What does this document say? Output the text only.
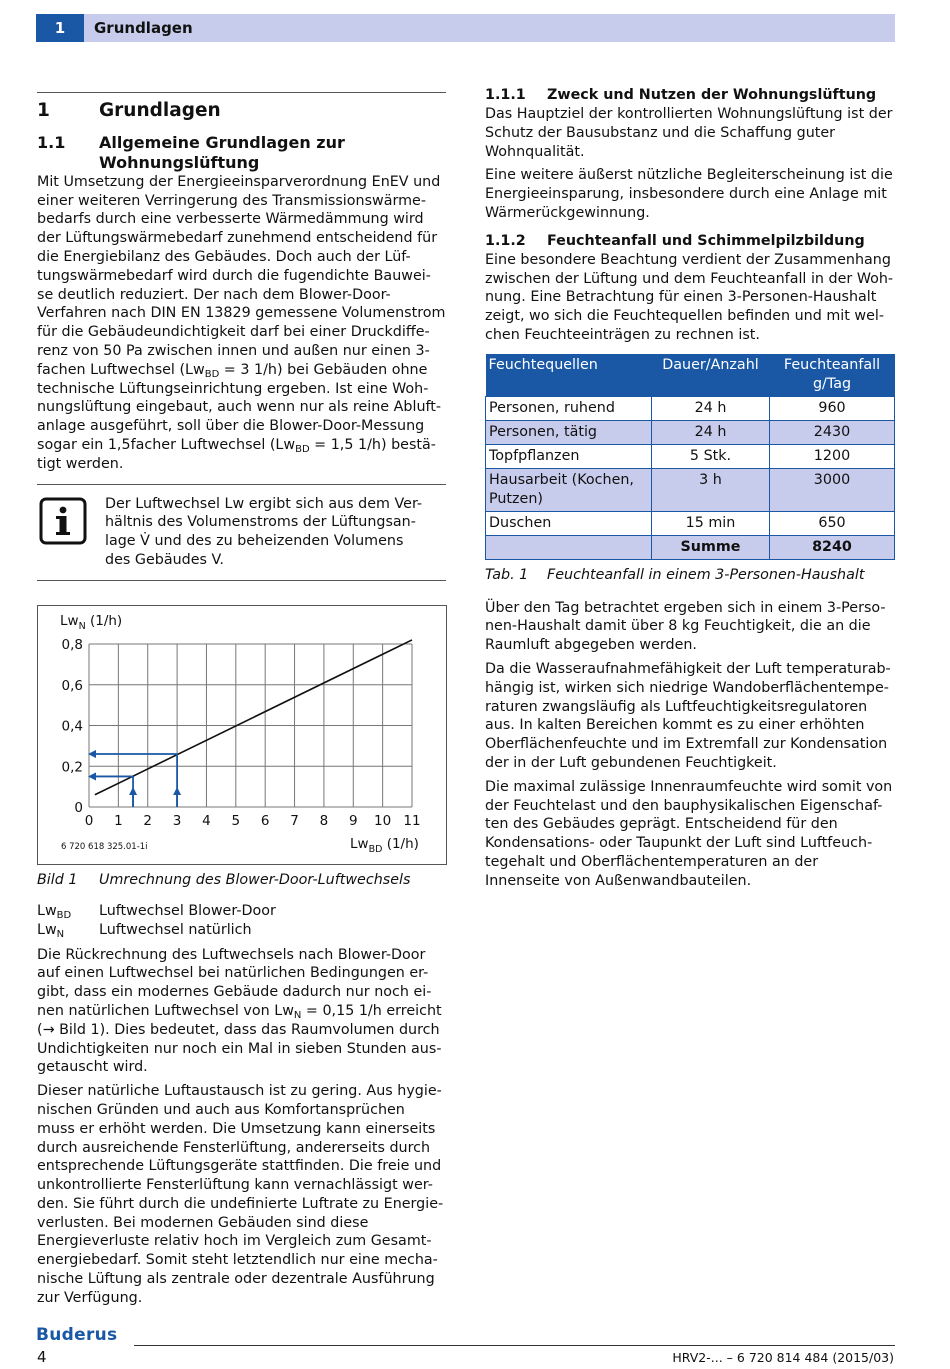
1	Grundlagen
1	Grundlagen
1.1	Allgemeine Grundlagen zur Wohnungslüftung

Mit Umsetzung der Energieeinsparverordnung EnEV und einer weiteren Verringerung des Transmissionswärme-bedarfs durch eine verbesserte Wärmedämmung wird der Lüftungswärmebedarf zunehmend entscheidend für die Energiebilanz des Gebäudes. Doch auch der Lüf-tungswärmebedarf wird durch die fugendichte Bauwei-se deutlich reduziert. Der nach dem Blower-Door-Verfahren nach DIN EN 13829 gemessene Volumenstrom für die Gebäudeundichtigkeit darf bei einer Druckdiffe-renz von 50 Pa zwischen innen und außen nur einen 3-fachen Luftwechsel ($Lw_{BD} = 3$ 1/h) bei Gebäuden ohne technische Lüftungseinrichtung ergeben. Ist eine Woh-nungslüftung eingebaut, auch wenn nur als reine Abluft-anlage ausgeführt, soll über die Blower-Door-Messung sogar ein 1,5facher Luftwechsel ($Lw_{BD} = 1,5$ 1/h) bestä-tigt werden.

Der Luftwechsel Lw ergibt sich aus dem Ver-hältnis des Volumenstroms der Lüftungsan-lage V̇ und des zu beheizenden Volumens des Gebäudes V.
0 1 2 3 4 5 6 7 8 9 10 11
0
0,2
0,4
0,6
0,8
$Lw_N$ (1/h)
$Lw_{BD}$ (1/h)
6 720 618 325.01-1i
Bild 1	Umrechnung des Blower-Door-Luftwechsels
$Lw_{BD}$	Luftwechsel Blower-Door
$Lw_N$	Luftwechsel natürlich

Die Rückrechnung des Luftwechsels nach Blower-Door auf einen Luftwechsel bei natürlichen Bedingungen er-gibt, dass ein modernes Gebäude dadurch nur noch ei-nen natürlichen Luftwechsel von $Lw_N = 0,15$ 1/h erreicht (→ Bild 1). Dies bedeutet, dass das Raumvolumen durch Undichtigkeiten nur noch ein Mal in sieben Stunden aus-getauscht wird.

Dieser natürliche Luftaustausch ist zu gering. Aus hygie-nischen Gründen und auch aus Komfortansprüchen muss er erhöht werden. Die Umsetzung kann einerseits durch ausreichende Fensterlüftung, andererseits durch entsprechende Lüftungsgeräte stattfinden. Die freie und unkontrollierte Fensterlüftung kann vernachlässigt wer-den. Sie führt durch die undefinierte Luftrate zu Energie-verlusten. Bei modernen Gebäuden sind diese Energieverluste relativ hoch im Vergleich zum Gesamt-energiebedarf. Somit steht letztendlich nur eine mecha-nische Lüftung als zentrale oder dezentrale Ausführung zur Verfügung.

1.1.1	Zweck und Nutzen der Wohnungslüftung

Das Hauptziel der kontrollierten Wohnungslüftung ist der Schutz der Bausubstanz und die Schaffung guter Wohnqualität.

Eine weitere äußerst nützliche Begleiterscheinung ist die Energieeinsparung, insbesondere durch eine Anlage mit Wärmerückgewinnung.

1.1.2	Feuchteanfall und Schimmelpilzbildung

Eine besondere Beachtung verdient der Zusammenhang zwischen der Lüftung und dem Feuchteanfall in der Woh-nung. Eine Betrachtung für einen 3-Personen-Haushalt zeigt, wo sich die Feuchtequellen befinden und mit wel-chen Feuchteeinträgen zu rechnen ist.

Feuchtequellen	Dauer/Anzahl	Feuchteanfall g/Tag
Personen, ruhend	24 h	960
Personen, tätig	24 h	2430
Topfpflanzen	5 Stk.	1200
Hausarbeit (Kochen, Putzen)	3 h	3000
Duschen	15 min	650
	Summe	8240
Tab. 1	Feuchteanfall in einem 3-Personen-Haushalt

Über den Tag betrachtet ergeben sich in einem 3-Perso-nen-Haushalt damit über 8 kg Feuchtigkeit, die an die Raumluft abgegeben werden.

Da die Wasseraufnahmefähigkeit der Luft temperaturab-hängig ist, wirken sich niedrige Wandoberflächentempe-raturen zwangsläufig als Luftfeuchtigkeitsregulatoren aus. In kalten Bereichen kommt es zu einer erhöhten Oberflächenfeuchte und im Extremfall zur Kondensation der in der Luft gebundenen Feuchtigkeit.

Die maximal zulässige Innenraumfeuchte wird somit von der Feuchtelast und den bauphysikalischen Eigenschaf-ten des Gebäudes geprägt. Entscheidend für den Kondensations- oder Taupunkt der Luft sind Luftfeuch-tegehalt und Oberflächentemperaturen an der Innenseite von Außenwandbauteilen.

Buderus
4	HRV2-... – 6 720 814 484 (2015/03)
